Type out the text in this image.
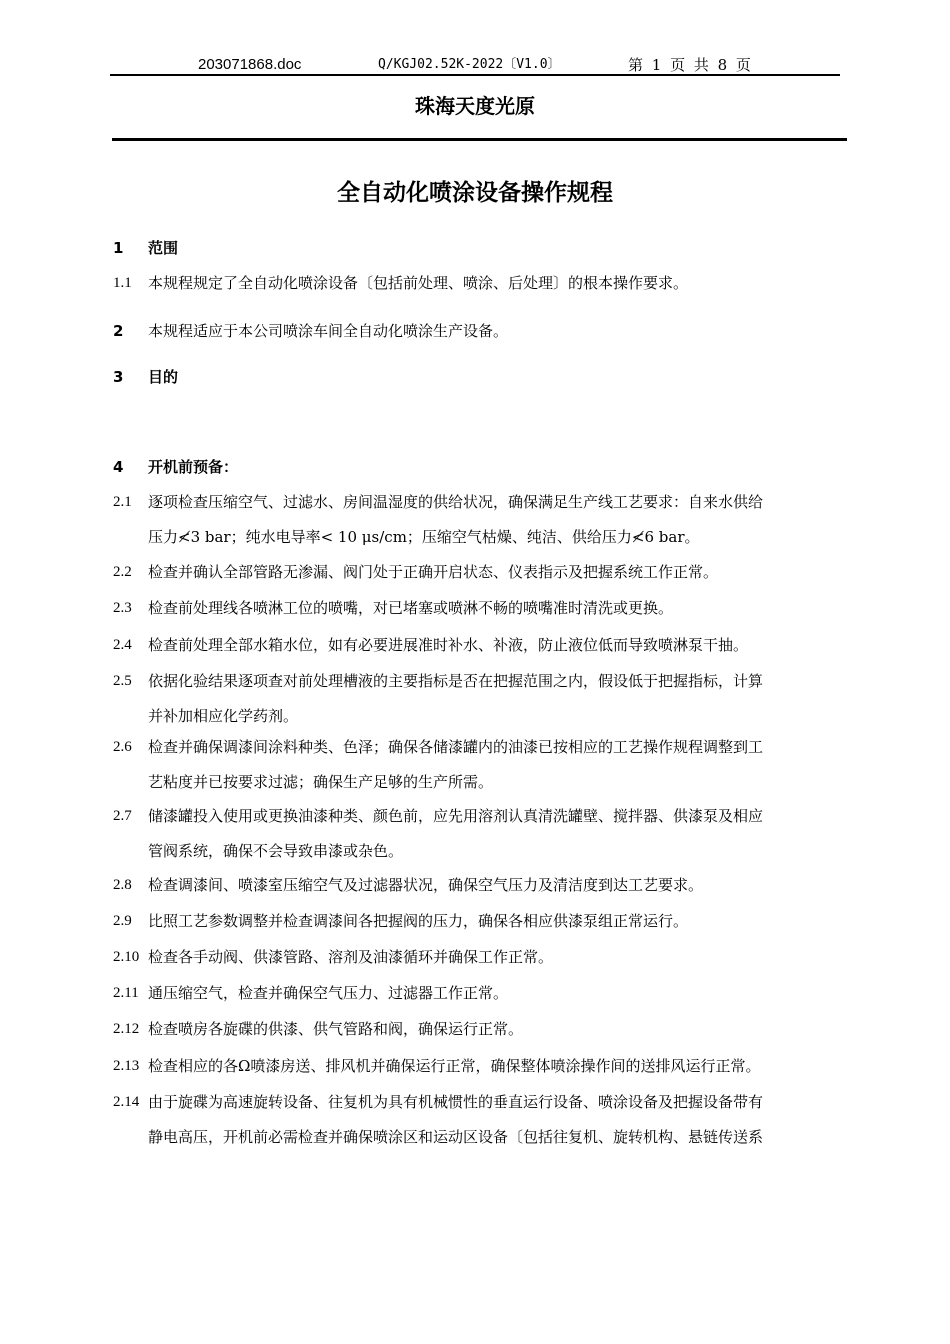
203071868.doc	Q/KGJ02.52K-2022〔V1.0〕	第 1 页 共 8 页
珠海天度光原
全自动化喷涂设备操作规程
1 范围
1.1 本规程规定了全自动化喷涂设备〔包括前处理、喷涂、后处理〕的根本操作要求。
2 本规程适应于本公司喷涂车间全自动化喷涂生产设备。
3 目的
4 开机前预备：
2.1 逐项检查压缩空气、过滤水、房间温湿度的供给状况，确保满足生产线工艺要求：自来水供给
压力≮3 bar；纯水电导率< 10 μs/cm；压缩空气枯燥、纯洁、供给压力≮6 bar。
2.2 检查并确认全部管路无渗漏、阀门处于正确开启状态、仪表指示及把握系统工作正常。
2.3 检查前处理线各喷淋工位的喷嘴，对已堵塞或喷淋不畅的喷嘴准时清洗或更换。
2.4 检查前处理全部水箱水位，如有必要进展准时补水、补液，防止液位低而导致喷淋泵干抽。
2.5 依据化验结果逐项查对前处理槽液的主要指标是否在把握范围之内，假设低于把握指标，计算
并补加相应化学药剂。
2.6 检查并确保调漆间涂料种类、色泽；确保各储漆罐内的油漆已按相应的工艺操作规程调整到工
艺粘度并已按要求过滤；确保生产足够的生产所需。
2.7 储漆罐投入使用或更换油漆种类、颜色前，应先用溶剂认真清洗罐壁、搅拌器、供漆泵及相应
管阀系统，确保不会导致串漆或杂色。
2.8 检查调漆间、喷漆室压缩空气及过滤器状况，确保空气压力及清洁度到达工艺要求。
2.9 比照工艺参数调整并检查调漆间各把握阀的压力，确保各相应供漆泵组正常运行。
2.10 检查各手动阀、供漆管路、溶剂及油漆循环并确保工作正常。
2.11 通压缩空气，检查并确保空气压力、过滤器工作正常。
2.12 检查喷房各旋碟的供漆、供气管路和阀，确保运行正常。
2.13 检查相应的各Ω喷漆房送、排风机并确保运行正常，确保整体喷涂操作间的送排风运行正常。
2.14 由于旋碟为高速旋转设备、往复机为具有机械惯性的垂直运行设备、喷涂设备及把握设备带有
静电高压，开机前必需检查并确保喷涂区和运动区设备〔包括往复机、旋转机构、悬链传送系
